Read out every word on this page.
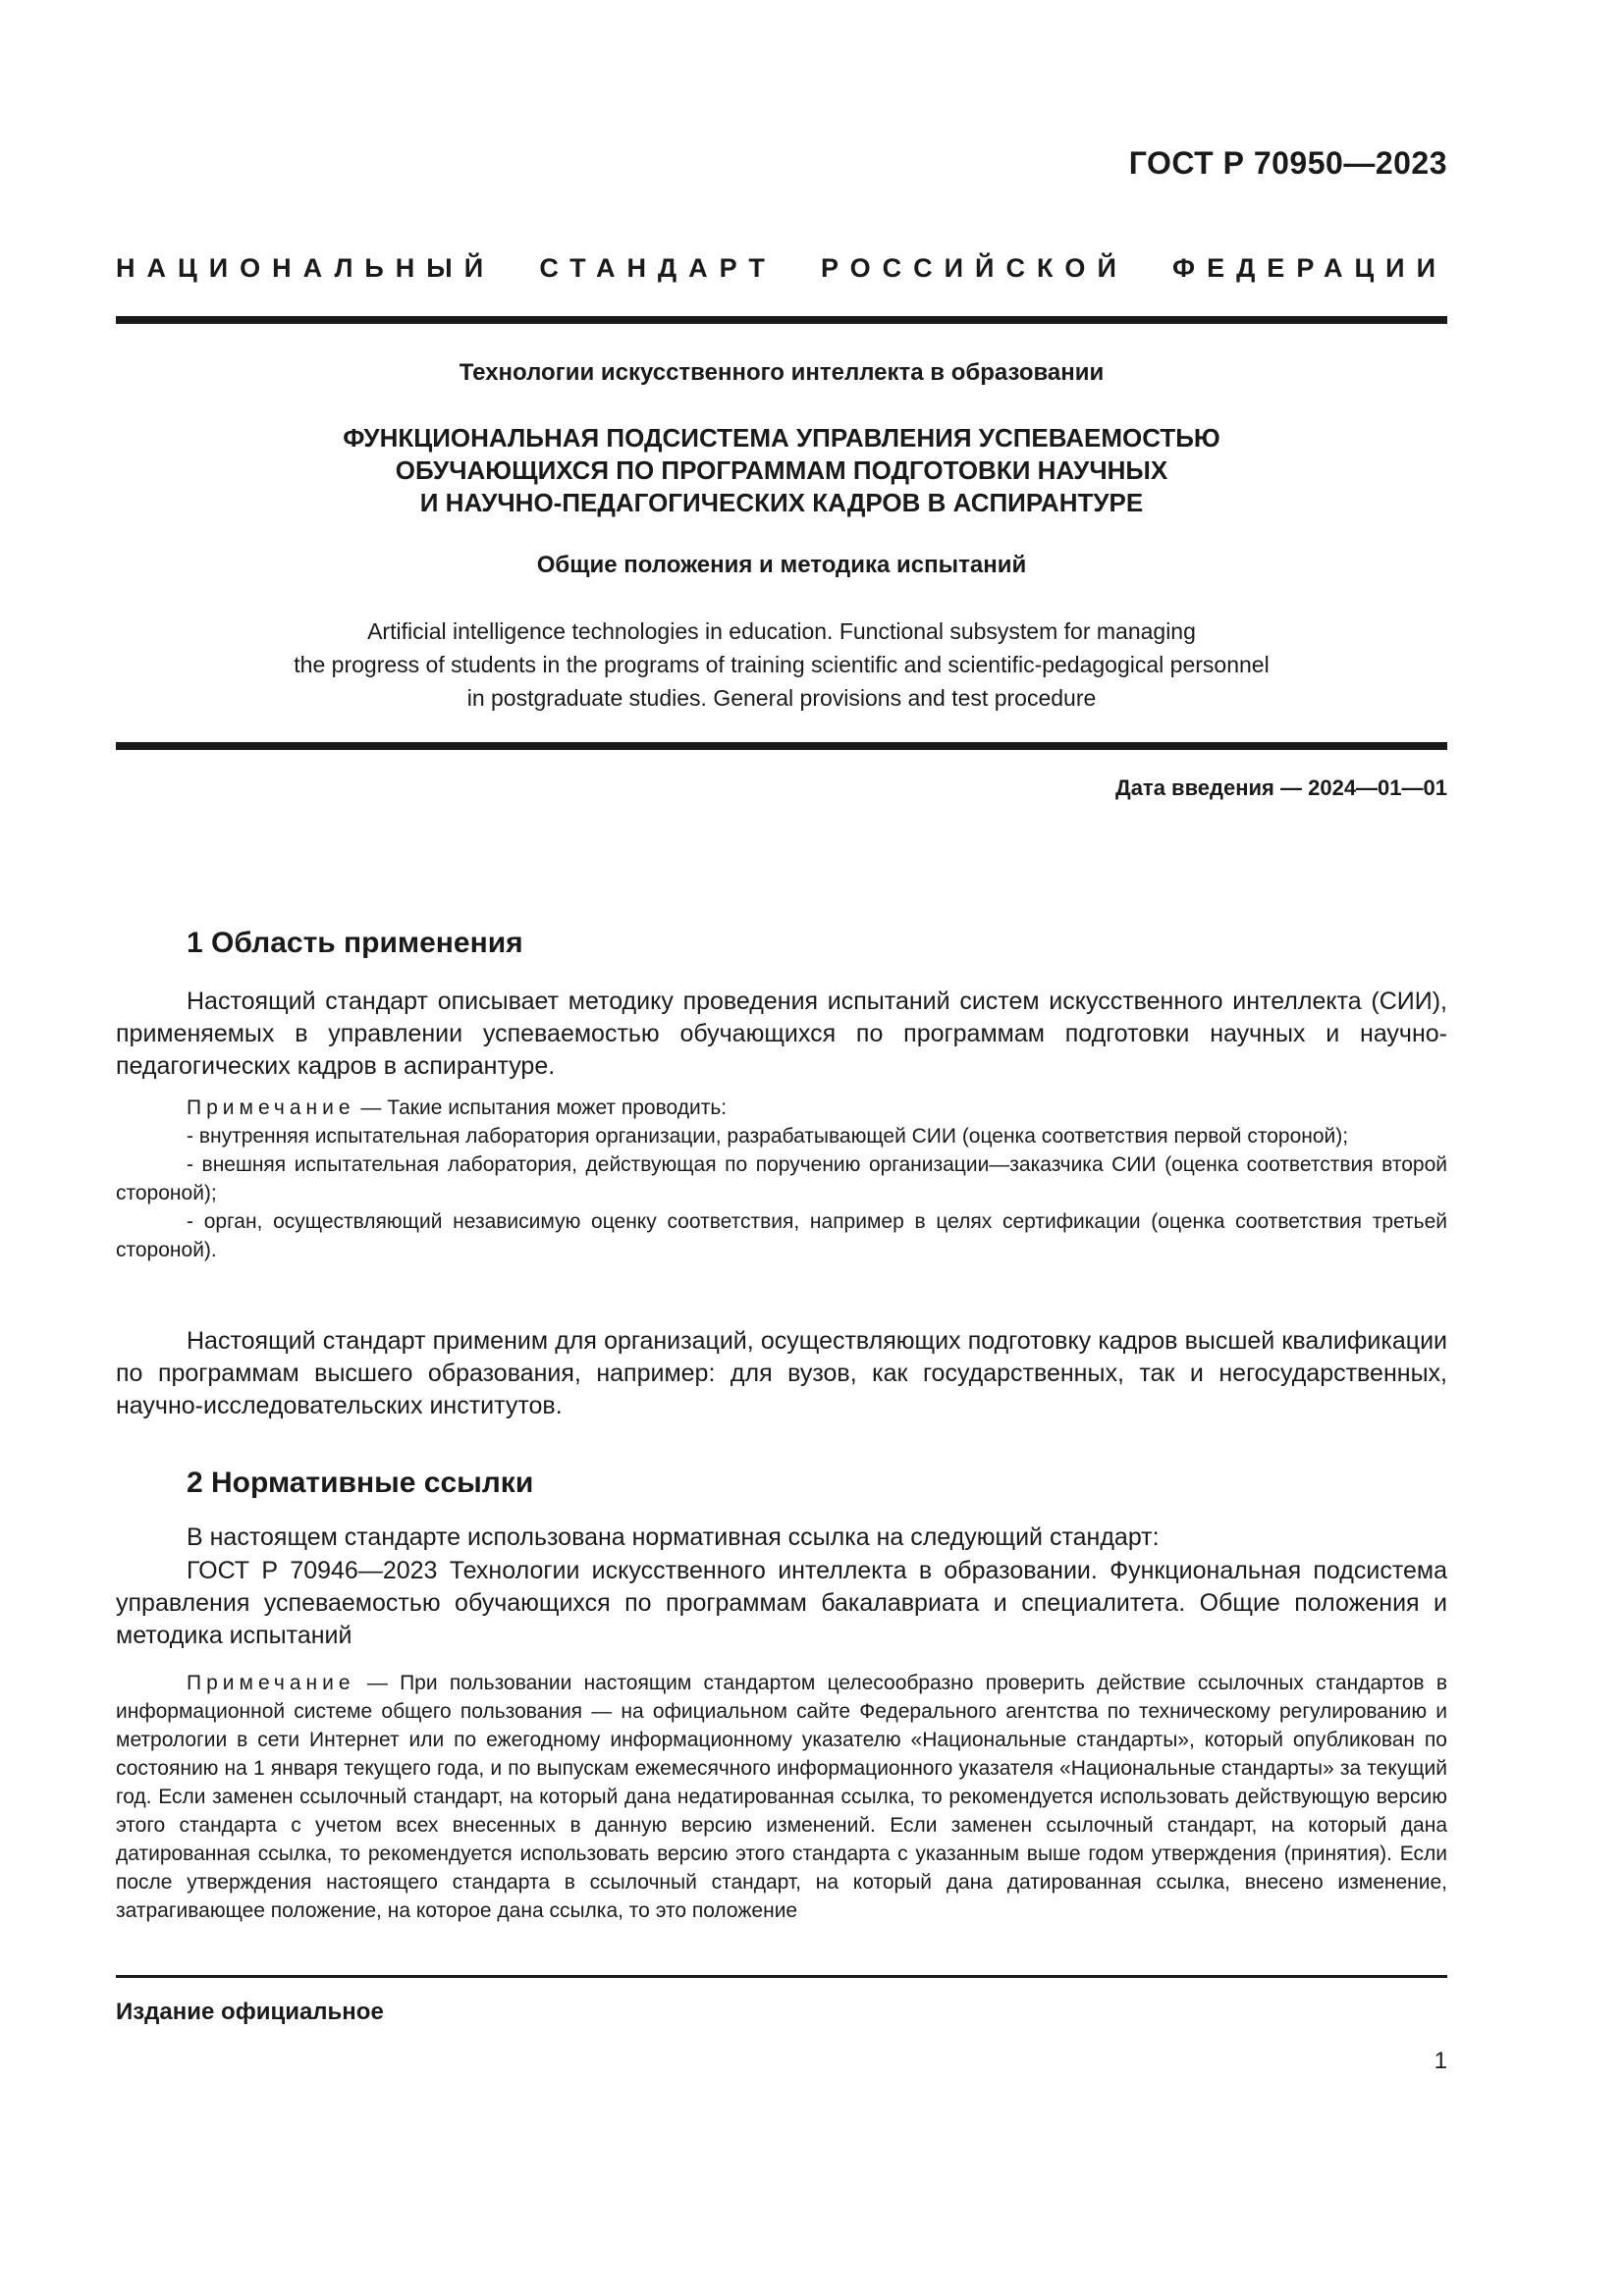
ГОСТ Р 70950—2023
НАЦИОНАЛЬНЫЙ СТАНДАРТ РОССИЙСКОЙ ФЕДЕРАЦИИ
Технологии искусственного интеллекта в образовании
ФУНКЦИОНАЛЬНАЯ ПОДСИСТЕМА УПРАВЛЕНИЯ УСПЕВАЕМОСТЬЮ
ОБУЧАЮЩИХСЯ ПО ПРОГРАММАМ ПОДГОТОВКИ НАУЧНЫХ
И НАУЧНО-ПЕДАГОГИЧЕСКИХ КАДРОВ В АСПИРАНТУРЕ
Общие положения и методика испытаний
Artificial intelligence technologies in education. Functional subsystem for managing
the progress of students in the programs of training scientific and scientific-pedagogical personnel
in postgraduate studies. General provisions and test procedure
Дата введения — 2024—01—01
1 Область применения
Настоящий стандарт описывает методику проведения испытаний систем искусственного интеллекта (СИИ), применяемых в управлении успеваемостью обучающихся по программам подготовки научных и научно-педагогических кадров в аспирантуре.
Примечание — Такие испытания может проводить:
- внутренняя испытательная лаборатория организации, разрабатывающей СИИ (оценка соответствия первой стороной);
- внешняя испытательная лаборатория, действующая по поручению организации—заказчика СИИ (оценка соответствия второй стороной);
- орган, осуществляющий независимую оценку соответствия, например в целях сертификации (оценка соответствия третьей стороной).
Настоящий стандарт применим для организаций, осуществляющих подготовку кадров высшей квалификации по программам высшего образования, например: для вузов, как государственных, так и негосударственных, научно-исследовательских институтов.
2 Нормативные ссылки
В настоящем стандарте использована нормативная ссылка на следующий стандарт:
ГОСТ Р 70946—2023 Технологии искусственного интеллекта в образовании. Функциональная подсистема управления успеваемостью обучающихся по программам бакалавриата и специалитета. Общие положения и методика испытаний
Примечание — При пользовании настоящим стандартом целесообразно проверить действие ссылочных стандартов в информационной системе общего пользования — на официальном сайте Федерального агентства по техническому регулированию и метрологии в сети Интернет или по ежегодному информационному указателю «Национальные стандарты», который опубликован по состоянию на 1 января текущего года, и по выпускам ежемесячного информационного указателя «Национальные стандарты» за текущий год. Если заменен ссылочный стандарт, на который дана недатированная ссылка, то рекомендуется использовать действующую версию этого стандарта с учетом всех внесенных в данную версию изменений. Если заменен ссылочный стандарт, на который дана датированная ссылка, то рекомендуется использовать версию этого стандарта с указанным выше годом утверждения (принятия). Если после утверждения настоящего стандарта в ссылочный стандарт, на который дана датированная ссылка, внесено изменение, затрагивающее положение, на которое дана ссылка, то это положение
Издание официальное
1
